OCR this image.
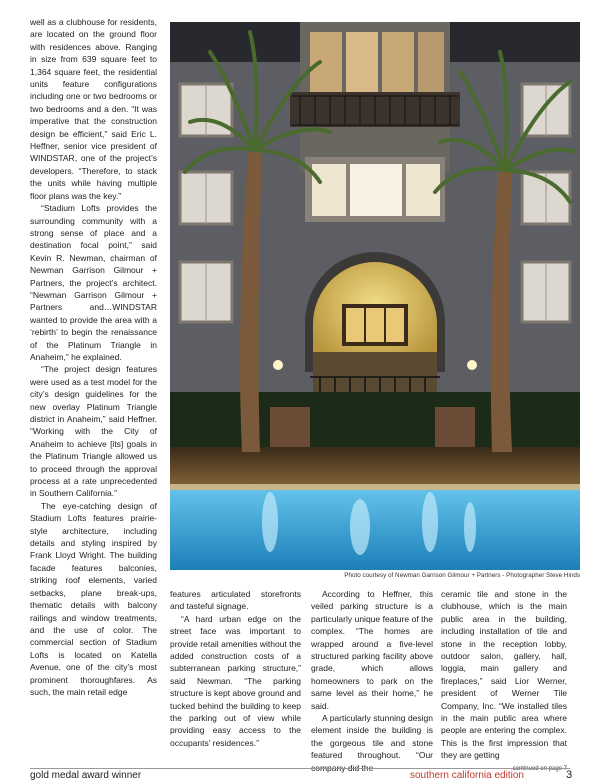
well as a clubhouse for residents, are located on the ground floor with residences above. Ranging in size from 639 square feet to 1,364 square feet, the residential units feature configurations including one or two bedrooms or two bedrooms and a den. “It was imperative that the construction design be efficient,” said Eric L. Heffner, senior vice president of WINDSTAR, one of the project’s developers. “Therefore, to stack the units while having multiple floor plans was the key.”

“Stadium Lofts provides the surrounding community with a strong sense of place and a destination focal point,” said Kevin R. Newman, chairman of Newman Garrison Gilmour + Partners, the project’s architect. “Newman Garrison Gilmour + Partners and…WINDSTAR wanted to provide the area with a ‘rebirth’ to begin the renaissance of the Platinum Triangle in Anaheim,” he explained.

“The project design features were used as a test model for the city’s design guidelines for the new overlay Platinum Triangle district in Anaheim,” said Heffner. “Working with the City of Anaheim to achieve [its] goals in the Platinum Triangle allowed us to proceed through the approval process at a rate unprecedented in Southern California.”

The eye-catching design of Stadium Lofts features prairie-style architecture, including details and styling inspired by Frank Lloyd Wright. The building facade features balconies, striking roof elements, varied setbacks, plane break-ups, thematic details with balcony railings and window treatments, and the use of color. The commercial section of Stadium Lofts is located on Katella Avenue, one of the city’s most prominent thoroughfares. As such, the main retail edge

Photo courtesy of Newman Garrison Gilmour + Partners - Photographer Steve Hinds

features articulated storefronts and tasteful signage.

“A hard urban edge on the street face was important to provide retail amenities without the added construction costs of a subterranean parking structure,” said Newman. “The parking structure is kept above ground and tucked behind the building to keep the parking out of view while providing easy access to the occupants’ residences.”

According to Heffner, this veiled parking structure is a particularly unique feature of the complex. “The homes are wrapped around a five-level structured parking facility above grade, which allows homeowners to park on the same level as their home,” he said.

A particularly stunning design element inside the building is the gorgeous tile and stone featured throughout. “Our company did the

ceramic tile and stone in the clubhouse, which is the main public area in the building, including installation of tile and stone in the reception lobby, outdoor salon, gallery, hall, loggia, main gallery and fireplaces,” said Lior Werner, president of Werner Tile Company, Inc. “We installed tiles in the main public area where people are entering the complex. This is the first impression that they are getting

continued on page 7
gold medal award winner	southern california edition	3
